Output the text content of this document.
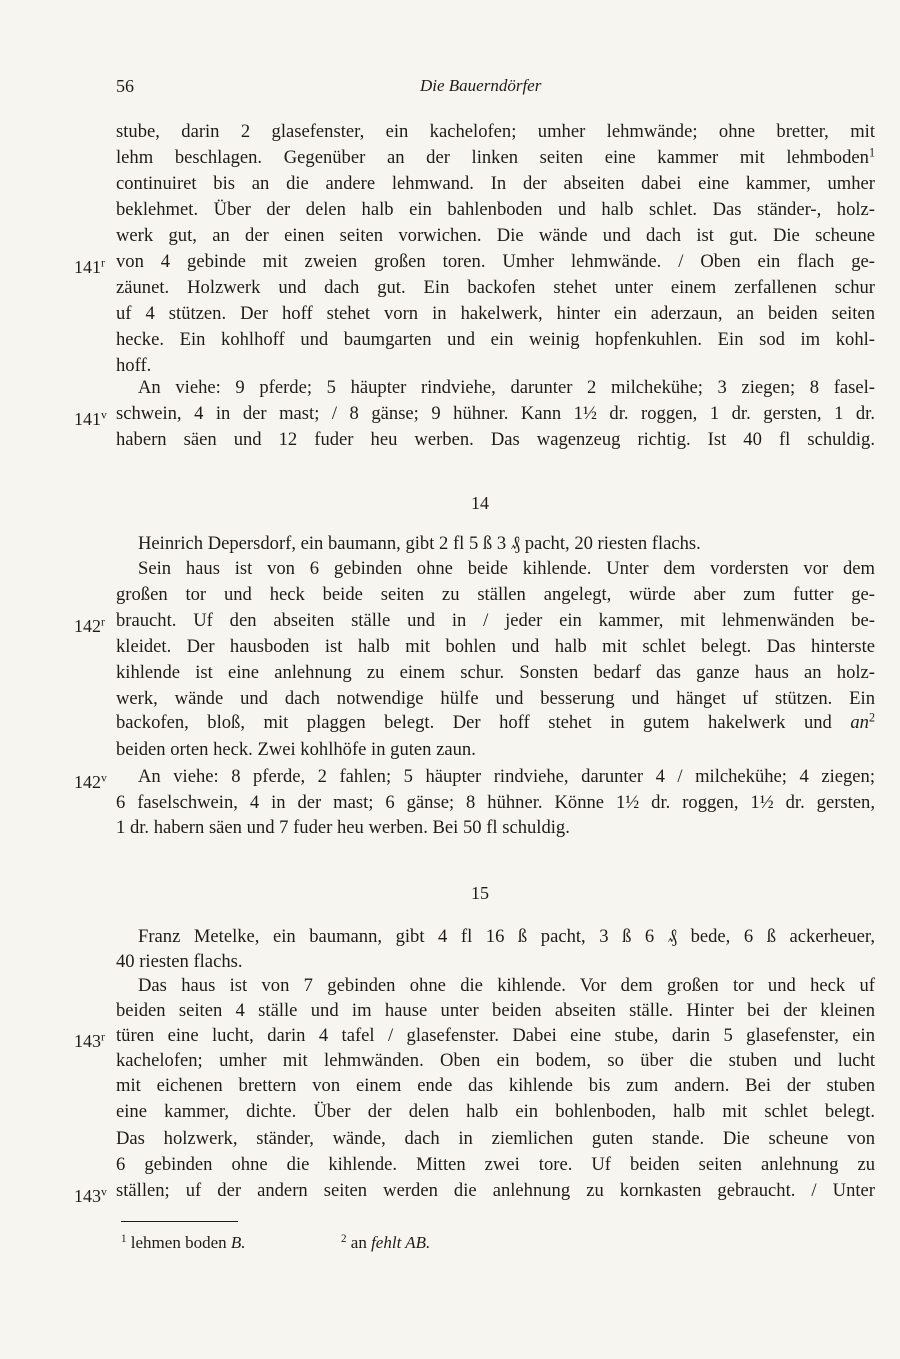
56	Die Bauerndörfer
141$^r$
141$^v$
142$^r$
142$^v$
143$^r$
143$^v$
stube, darin 2 glasefenster, ein kachelofen; umher lehmwände; ohne bretter, mit
lehm beschlagen. Gegenüber an der linken seiten eine kammer mit lehmboden$^1$
continuiret bis an die andere lehmwand. In der abseiten dabei eine kammer, umher
beklehmet. Über der delen halb ein bahlenboden und halb schlet. Das ständer-, holz-
werk gut, an der einen seiten vorwichen. Die wände und dach ist gut. Die scheune
von 4 gebinde mit zweien großen toren. Umher lehmwände. / Oben ein flach ge-
zäunet. Holzwerk und dach gut. Ein backofen stehet unter einem zerfallenen schur
uf 4 stützen. Der hoff stehet vorn in hakelwerk, hinter ein aderzaun, an beiden seiten
hecke. Ein kohlhoff und baumgarten und ein weinig hopfenkuhlen. Ein sod im kohl-
hoff.
An viehe: 9 pferde; 5 häupter rindviehe, darunter 2 milchekühe; 3 ziegen; 8 fasel-
schwein, 4 in der mast; / 8 gänse; 9 hühner. Kann 1½ dr. roggen, 1 dr. gersten, 1 dr.
habern säen und 12 fuder heu werben. Das wagenzeug richtig. Ist 40 fl schuldig.
14
Heinrich Depersdorf, ein baumann, gibt 2 fl 5 ß 3 ₰ pacht, 20 riesten flachs.
Sein haus ist von 6 gebinden ohne beide kihlende. Unter dem vordersten vor dem
großen tor und heck beide seiten zu ställen angelegt, würde aber zum futter ge-
braucht. Uf den abseiten ställe und in / jeder ein kammer, mit lehmenwänden be-
kleidet. Der hausboden ist halb mit bohlen und halb mit schlet belegt. Das hinterste
kihlende ist eine anlehnung zu einem schur. Sonsten bedarf das ganze haus an holz-
werk, wände und dach notwendige hülfe und besserung und hänget uf stützen. Ein
backofen, bloß, mit plaggen belegt. Der hoff stehet in gutem hakelwerk und $an^2$
beiden orten heck. Zwei kohlhöfe in guten zaun.
An viehe: 8 pferde, 2 fahlen; 5 häupter rindviehe, darunter 4 / milchekühe; 4 ziegen;
6 faselschwein, 4 in der mast; 6 gänse; 8 hühner. Könne 1½ dr. roggen, 1½ dr. gersten,
1 dr. habern säen und 7 fuder heu werben. Bei 50 fl schuldig.
15
Franz Metelke, ein baumann, gibt 4 fl 16 ß pacht, 3 ß 6 ₰ bede, 6 ß ackerheuer,
40 riesten flachs.
Das haus ist von 7 gebinden ohne die kihlende. Vor dem großen tor und heck uf
beiden seiten 4 ställe und im hause unter beiden abseiten ställe. Hinter bei der kleinen
türen eine lucht, darin 4 tafel / glasefenster. Dabei eine stube, darin 5 glasefenster, ein
kachelofen; umher mit lehmwänden. Oben ein bodem, so über die stuben und lucht
mit eichenen brettern von einem ende das kihlende bis zum andern. Bei der stuben
eine kammer, dichte. Über der delen halb ein bohlenboden, halb mit schlet belegt.
Das holzwerk, ständer, wände, dach in ziemlichen guten stande. Die scheune von
6 gebinden ohne die kihlende. Mitten zwei tore. Uf beiden seiten anlehnung zu
ställen; uf der andern seiten werden die anlehnung zu kornkasten gebraucht. / Unter
$^1$ lehmen boden B.	$^2$ an fehlt AB.
